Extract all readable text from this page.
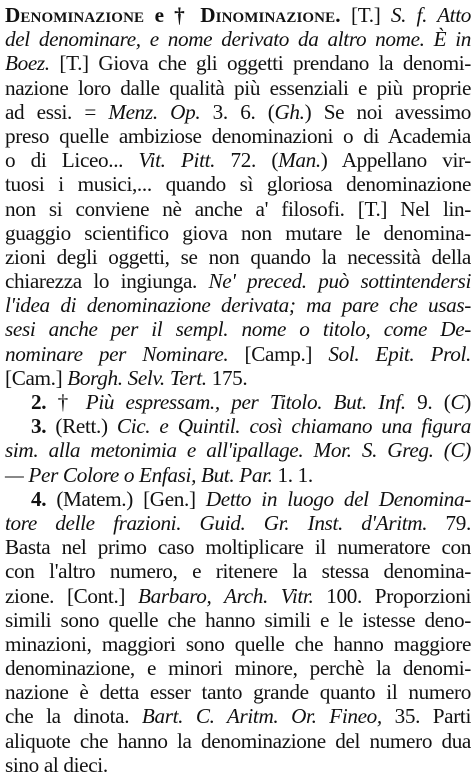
Denominazione e † Dinominazione. [T.] S. f. Atto
del denominare, e nome derivato da altro nome. È in
Boez. [T.] Giova che gli oggetti prendano la denomi-
nazione loro dalle qualità più essenziali e più proprie
ad essi. = Menz. Op. 3. 6. (Gh.) Se noi avessimo
preso quelle ambiziose denominazioni o di Academia
o di Liceo... Vit. Pitt. 72. (Man.) Appellano vir-
tuosi i musici,... quando sì gloriosa denominazione
non si conviene nè anche a' filosofi. [T.] Nel lin-
guaggio scientifico giova non mutare le denomina-
zioni degli oggetti, se non quando la necessità della
chiarezza lo ingiunga. Ne' preced. può sottintendersi
l'idea di denominazione derivata; ma pare che usas-
sesi anche per il sempl. nome o titolo, come De-
nominare per Nominare. [Camp.] Sol. Epit. Prol.
[Cam.] Borgh. Selv. Tert. 175.
2. † Più espressam., per Titolo. But. Inf. 9. (C)
3. (Rett.) Cic. e Quintil. così chiamano una figura
sim. alla metonimia e all'ipallage. Mor. S. Greg. (C)
— Per Colore o Enfasi, But. Par. 1. 1.
4. (Matem.) [Gen.] Detto in luogo del Denomina-
tore delle frazioni. Guid. Gr. Inst. d'Aritm. 79.
Basta nel primo caso moltiplicare il numeratore con
con l'altro numero, e ritenere la stessa denomina-
zione. [Cont.] Barbaro, Arch. Vitr. 100. Proporzioni
simili sono quelle che hanno simili e le istesse deno-
minazioni, maggiori sono quelle che hanno maggiore
denominazione, e minori minore, perchè la denomi-
nazione è detta esser tanto grande quanto il numero
che la dinota. Bart. C. Aritm. Or. Fineo, 35. Parti
aliquote che hanno la denominazione del numero dua
sino al dieci.
